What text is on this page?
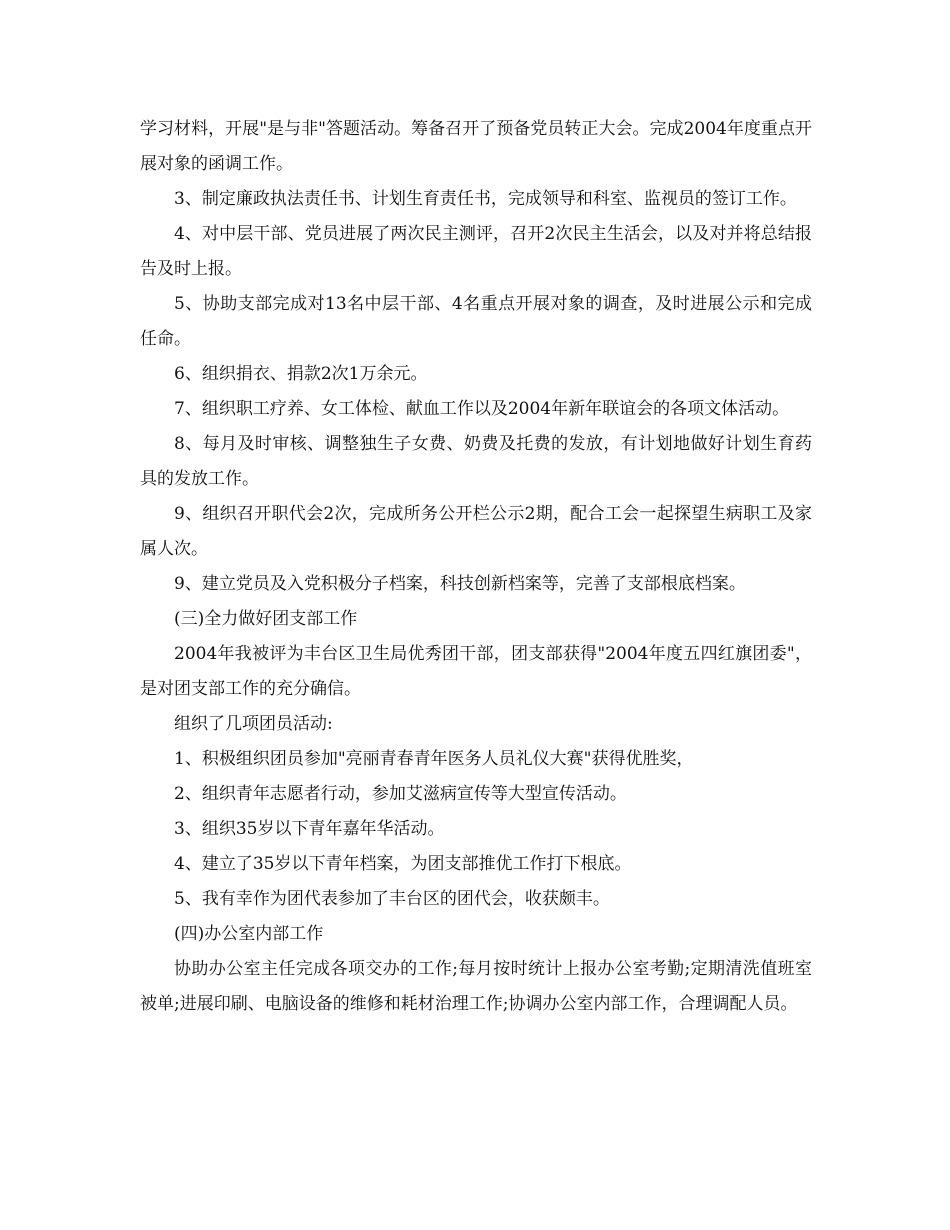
学习材料，开展"是与非"答题活动。筹备召开了预备党员转正大会。完成2004年度重点开展对象的函调工作。

3、制定廉政执法责任书、计划生育责任书，完成领导和科室、监视员的签订工作。

4、对中层干部、党员进展了两次民主测评，召开2次民主生活会，以及对并将总结报告及时上报。

5、协助支部完成对13名中层干部、4名重点开展对象的调查，及时进展公示和完成任命。

6、组织捐衣、捐款2次1万余元。

7、组织职工疗养、女工体检、献血工作以及2004年新年联谊会的各项文体活动。

8、每月及时审核、调整独生子女费、奶费及托费的发放，有计划地做好计划生育药具的发放工作。

9、组织召开职代会2次，完成所务公开栏公示2期，配合工会一起探望生病职工及家属人次。

9、建立党员及入党积极分子档案，科技创新档案等，完善了支部根底档案。

(三)全力做好团支部工作

2004年我被评为丰台区卫生局优秀团干部，团支部获得"2004年度五四红旗团委"，是对团支部工作的充分确信。

组织了几项团员活动:

1、积极组织团员参加"亮丽青春青年医务人员礼仪大赛"获得优胜奖，

2、组织青年志愿者行动，参加艾滋病宣传等大型宣传活动。

3、组织35岁以下青年嘉年华活动。

4、建立了35岁以下青年档案，为团支部推优工作打下根底。

5、我有幸作为团代表参加了丰台区的团代会，收获颇丰。

(四)办公室内部工作

协助办公室主任完成各项交办的工作;每月按时统计上报办公室考勤;定期清洗值班室被单;进展印刷、电脑设备的维修和耗材治理工作;协调办公室内部工作，合理调配人员。
